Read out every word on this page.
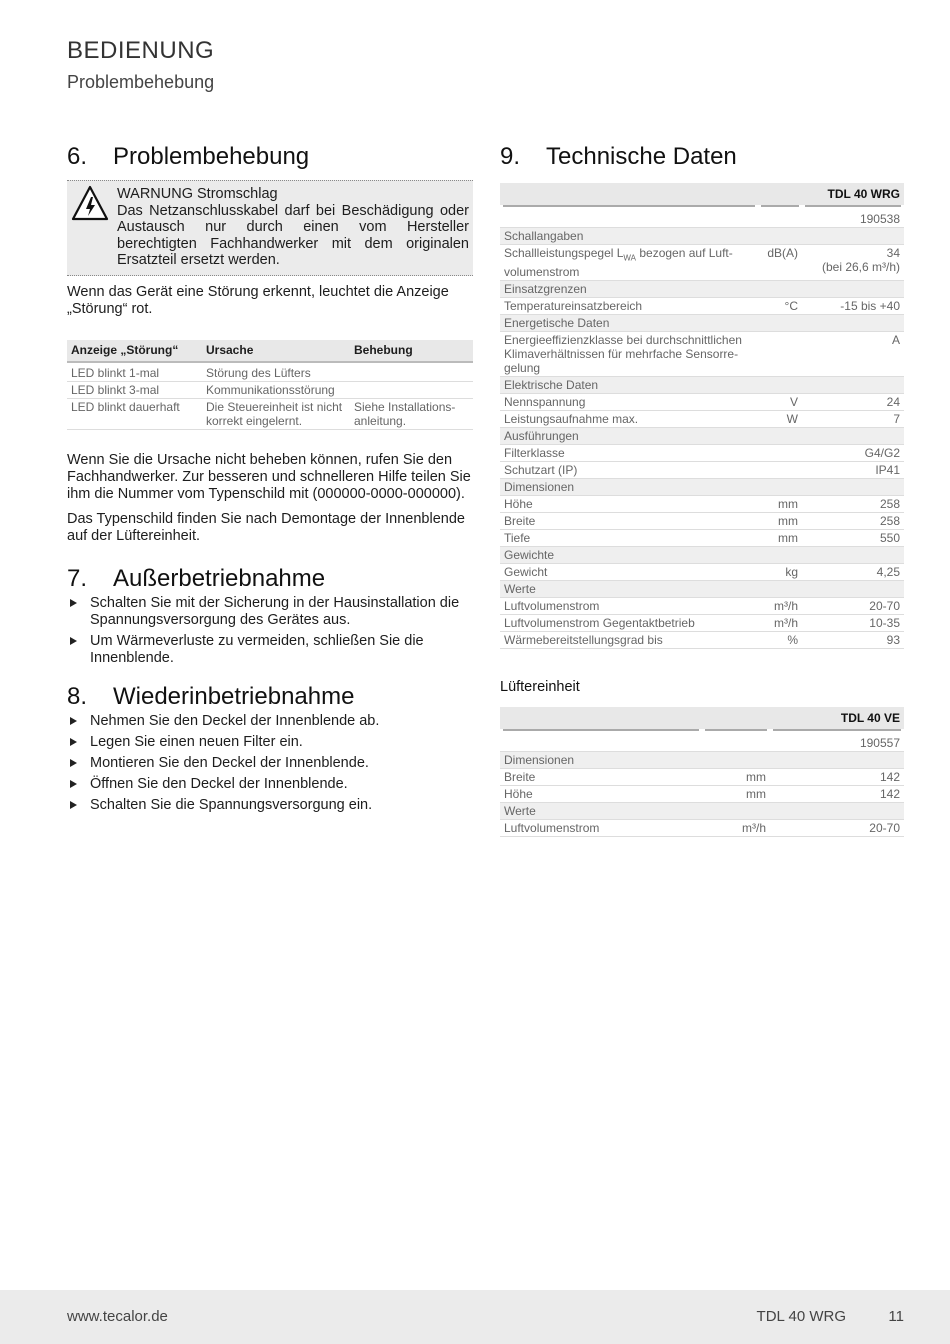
BEDIENUNG
Problembehebung
6.	Problembehebung
WARNUNG Stromschlag
Das Netzanschlusskabel darf bei Beschädigung oder Austausch nur durch einen vom Hersteller berechtigten Fachhandwerker mit dem originalen Ersatzteil ersetzt werden.

Wenn das Gerät eine Störung erkennt, leuchtet die Anzeige „Störung“ rot.

Anzeige „Störung“	Ursache	Behebung
LED blinkt 1-mal	Störung des Lüfters	
LED blinkt 3-mal	Kommunikationsstörung	
LED blinkt dauerhaft	Die Steuereinheit ist nicht korrekt eingelernt.	Siehe Installations-anleitung.

Wenn Sie die Ursache nicht beheben können, rufen Sie den Fachhandwerker. Zur besseren und schnelleren Hilfe teilen Sie ihm die Nummer vom Typenschild mit (000000-0000-000000).

Das Typenschild finden Sie nach Demontage der Innenblende auf der Lüftereinheit.

7.	Außerbetriebnahme
Schalten Sie mit der Sicherung in der Hausinstallation die Spannungsversorgung des Gerätes aus.
Um Wärmeverluste zu vermeiden, schließen Sie die Innenblende.
8.	Wiederinbetriebnahme
Nehmen Sie den Deckel der Innenblende ab.
Legen Sie einen neuen Filter ein.
Montieren Sie den Deckel der Innenblende.
Öffnen Sie den Deckel der Innenblende.
Schalten Sie die Spannungsversorgung ein.
9.	Technische Daten
TDL 40 WRG		

190538		
Schallangaben		
Schallleistungspegel $L_{WA}$ bezogen auf Luft-volumenstrom	dB(A)	34
(bei 26,6 m³/h)

Einsatzgrenzen		
Temperatureinsatzbereich	°C	-15 bis +40
Energetische Daten		
Energieeffizienzklasse bei durchschnittlichen Klimaverhältnissen für mehrfache Sensorre-gelung		A
Elektrische Daten		
Nennspannung	V	24
Leistungsaufnahme max.	W	7
Ausführungen		
Filterklasse		G4/G2
Schutzart (IP)		IP41
Dimensionen		
Höhe	mm	258
Breite	mm	258
Tiefe	mm	550
Gewichte		
Gewicht	kg	4,25
Werte		
Luftvolumenstrom	m³/h	20-70
Luftvolumenstrom Gegentaktbetrieb	m³/h	10-35
Wärmebereitstellungsgrad bis	%	93
Lüftereinheit
TDL 40 VE		

190557		
Dimensionen		
Breite	mm	142
Höhe	mm	142
Werte		
Luftvolumenstrom	m³/h	20-70
www.tecalor.de	TDL 40 WRG	11
